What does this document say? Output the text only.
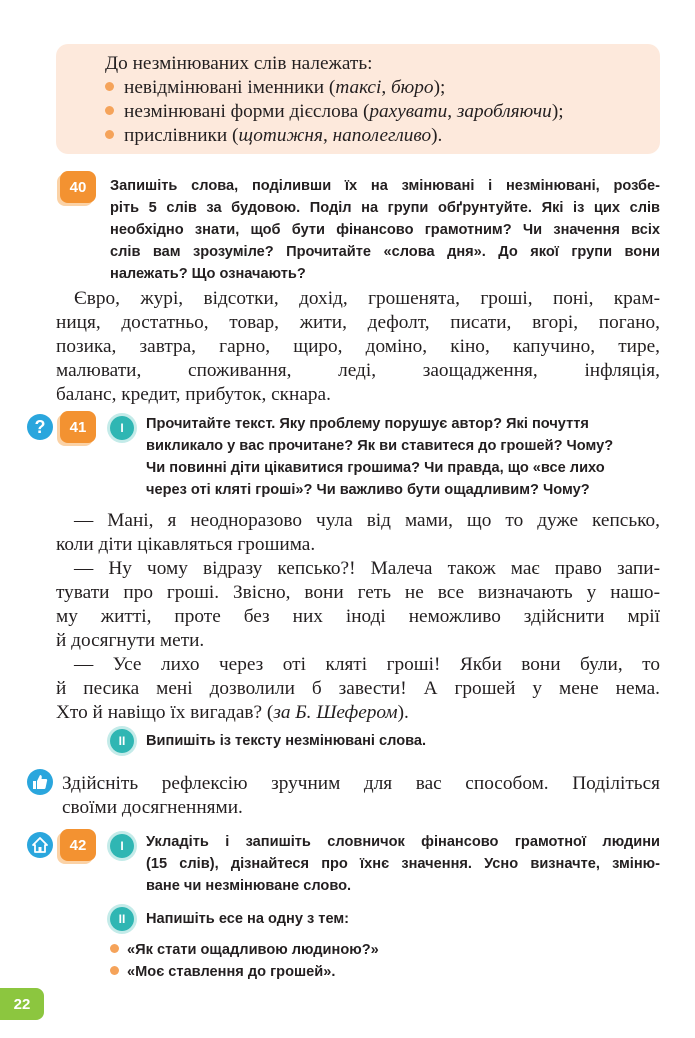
До незмінюваних слів належать:
невідмінювані іменники (таксі, бюро);
незмінювані форми дієслова (рахувати, заробляючи);
прислівники (щотижня, наполегливо).
40	Запишіть слова, поділивши їх на змінювані і незмінювані, розбе-
ріть 5 слів за будовою. Поділ на групи обґрунтуйте. Які із цих слів
необхідно знати, щоб бути фінансово грамотним? Чи значення всіх
слів вам зрозуміле? Прочитайте «слова дня». До якої групи вони
належать? Що означають?
Євро, журі, відсотки, дохід, грошенята, гроші, поні, крам-
ниця, достатньо, товар, жити, дефолт, писати, вгорі, погано,
позика, завтра, гарно, щиро, доміно, кіно, капучино, тире,
малювати, споживання, леді, заощадження, інфляція,
баланс, кредит, прибуток, скнара.
?	41	I	Прочитайте текст. Яку проблему порушує автор? Які почуття
викликало у вас прочитане? Як ви ставитеся до грошей? Чому?
Чи повинні діти цікавитися грошима? Чи правда, що «все лихо
через оті кляті гроші»? Чи важливо бути ощадливим? Чому?
— Мані, я неодноразово чула від мами, що то дуже кепсько,
коли діти цікавляться грошима.
— Ну чому відразу кепсько?! Малеча також має право запи-
тувати про гроші. Звісно, вони геть не все визначають у нашо-
му житті, проте без них іноді неможливо здійснити мрії
й досягнути мети.
— Усе лихо через оті кляті гроші! Якби вони були, то
й песика мені дозволили б завести! А грошей у мене нема.
Хто й навіщо їх вигадав? (за Б. Шефером).
II	Випишіть із тексту незмінювані слова.
Здійсніть рефлексію зручним для вас способом. Поділіться
своїми досягненнями.
42	I	Укладіть і запишіть словничок фінансово грамотної людини
(15 слів), дізнайтеся про їхнє значення. Усно визначте, зміню-
ване чи незмінюване слово.
II	Напишіть есе на одну з тем:
«Як стати ощадливою людиною?»
«Моє ставлення до грошей».
22
